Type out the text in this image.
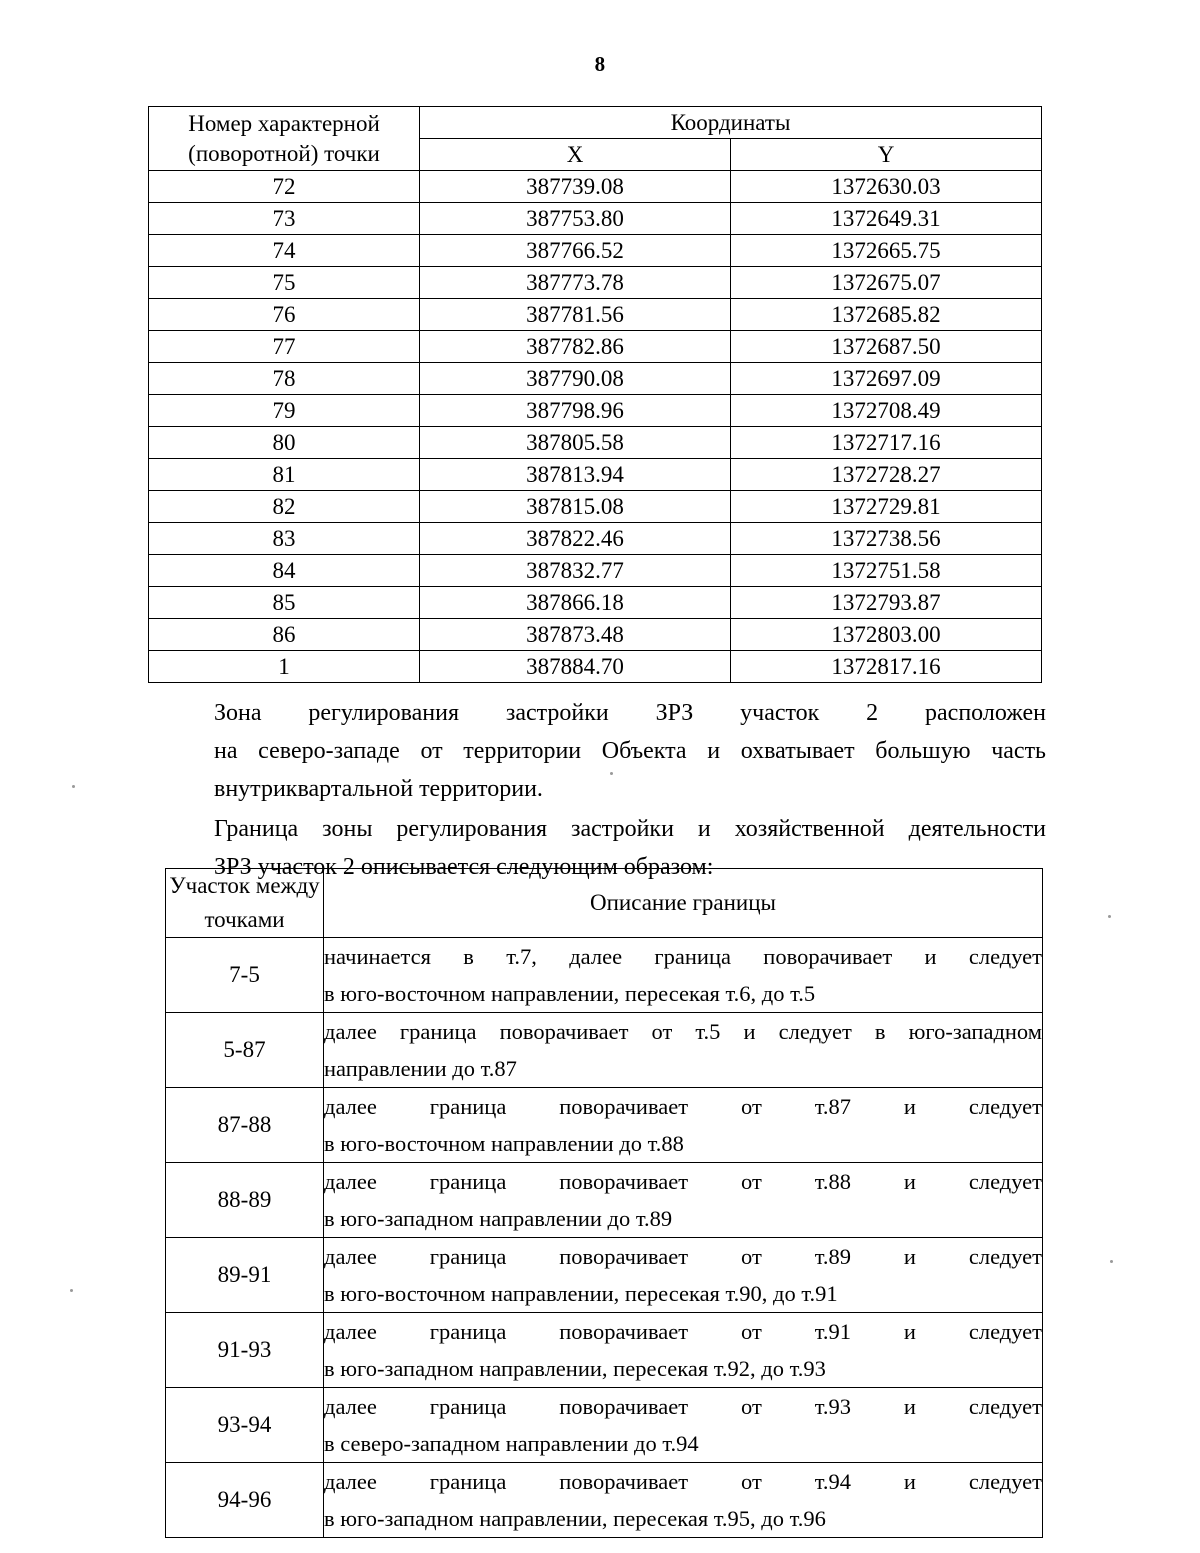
8
Номер характерной (поворотной) точки	Координаты	
	X	Y
72	387739.08	1372630.03
73	387753.80	1372649.31
74	387766.52	1372665.75
75	387773.78	1372675.07
76	387781.56	1372685.82
77	387782.86	1372687.50
78	387790.08	1372697.09
79	387798.96	1372708.49
80	387805.58	1372717.16
81	387813.94	1372728.27
82	387815.08	1372729.81
83	387822.46	1372738.56
84	387832.77	1372751.58
85	387866.18	1372793.87
86	387873.48	1372803.00
1	387884.70	1372817.16

Зона регулирования застройки ЗРЗ участок 2 расположен
на северо-западе от территории Объекта и охватывает большую часть
внутриквартальной территории.

Граница зоны регулирования застройки и хозяйственной деятельности
ЗРЗ участок 2 описывается следующим образом:

Участок между точками	Описание границы
7-5	начинается в т.7, далее граница поворачивает и следует
в юго-восточном направлении, пересекая т.6, до т.5

5-87	далее граница поворачивает от т.5 и следует в юго-западном
направлении до т.87

87-88	далее граница поворачивает от т.87 и следует
в юго-восточном направлении до т.88

88-89	далее граница поворачивает от т.88 и следует
в юго-западном направлении до т.89

89-91	далее граница поворачивает от т.89 и следует
в юго-восточном направлении, пересекая т.90, до т.91

91-93	далее граница поворачивает от т.91 и следует
в юго-западном направлении, пересекая т.92, до т.93

93-94	далее граница поворачивает от т.93 и следует
в северо-западном направлении до т.94

94-96	далее граница поворачивает от т.94 и следует
в юго-западном направлении, пересекая т.95, до т.96
